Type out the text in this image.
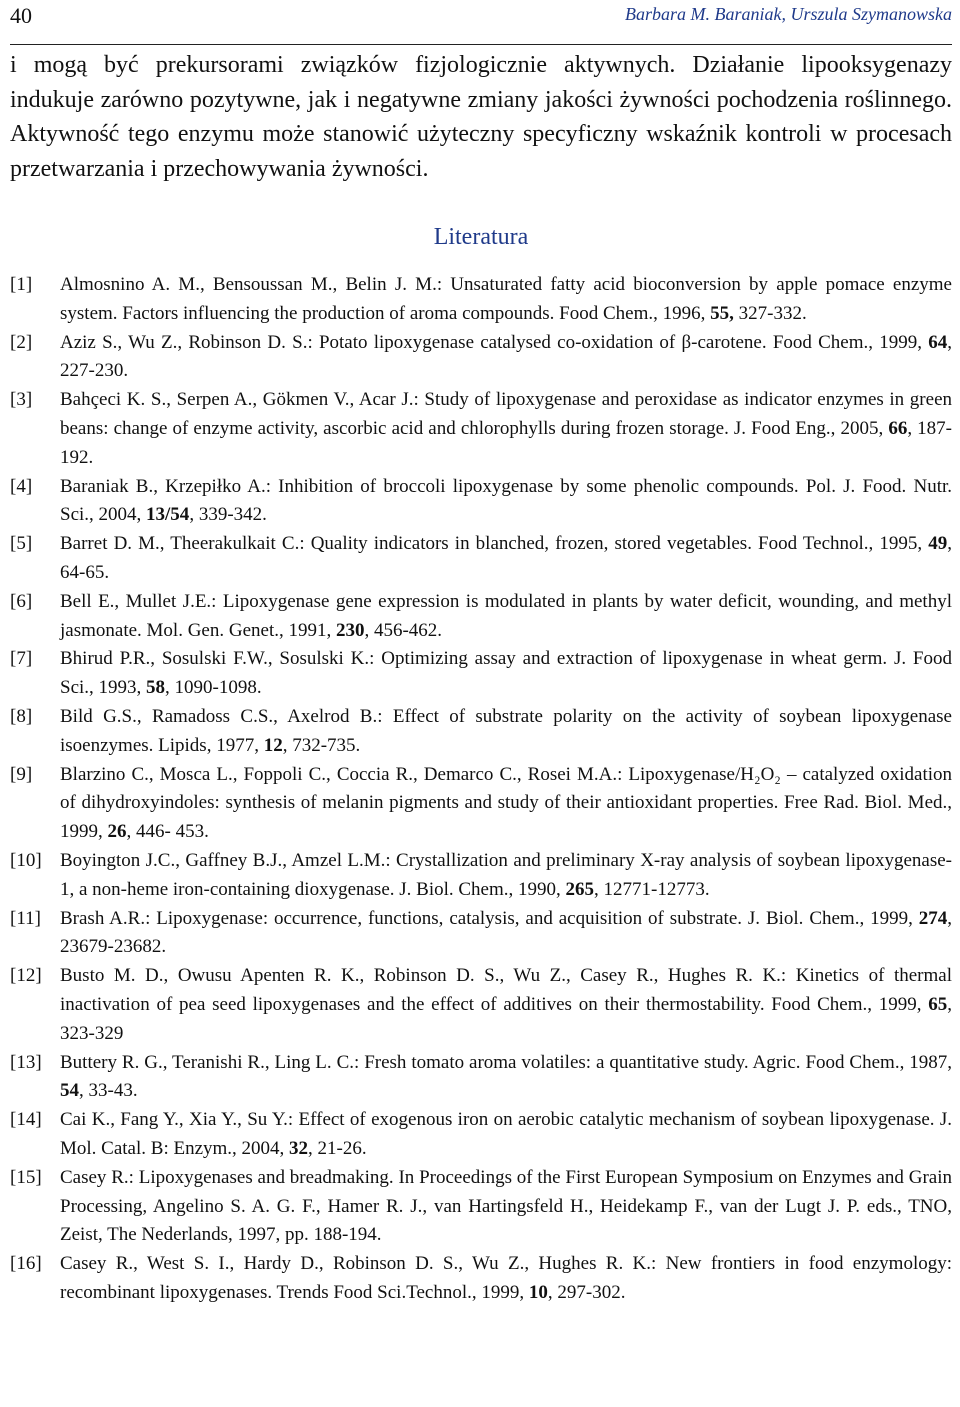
40	Barbara M. Baraniak, Urszula Szymanowska

i mogą być prekursorami związków fizjologicznie aktywnych. Działanie lipooksygenazy indukuje zarówno pozytywne, jak i negatywne zmiany jakości żywności pochodzenia roślinnego. Aktywność tego enzymu może stanowić użyteczny specyficzny wskaźnik kontroli w procesach przetwarzania i przechowywania żywności.

Literatura
[1] Almosnino A. M., Bensoussan M., Belin J. M.: Unsaturated fatty acid bioconversion by apple pomace enzyme system. Factors influencing the production of aroma compounds. Food Chem., 1996, 55, 327-332.
[2] Aziz S., Wu Z., Robinson D. S.: Potato lipoxygenase catalysed co-oxidation of β-carotene. Food Chem., 1999, 64, 227-230.
[3] Bahçeci K. S., Serpen A., Gökmen V., Acar J.: Study of lipoxygenase and peroxidase as indicator enzymes in green beans: change of enzyme activity, ascorbic acid and chlorophylls during frozen storage. J. Food Eng., 2005, 66, 187-192.
[4] Baraniak B., Krzepiłko A.: Inhibition of broccoli lipoxygenase by some phenolic compounds. Pol. J. Food. Nutr. Sci., 2004, 13/54, 339-342.
[5] Barret D. M., Theerakulkait C.: Quality indicators in blanched, frozen, stored vegetables. Food Technol., 1995, 49, 64-65.
[6] Bell E., Mullet J.E.: Lipoxygenase gene expression is modulated in plants by water deficit, wounding, and methyl jasmonate. Mol. Gen. Genet., 1991, 230, 456-462.
[7] Bhirud P.R., Sosulski F.W., Sosulski K.: Optimizing assay and extraction of lipoxygenase in wheat germ. J. Food Sci., 1993, 58, 1090-1098.
[8] Bild G.S., Ramadoss C.S., Axelrod B.: Effect of substrate polarity on the activity of soybean lipoxygenase isoenzymes. Lipids, 1977, 12, 732-735.
[9] Blarzino C., Mosca L., Foppoli C., Coccia R., Demarco C., Rosei M.A.: Lipoxygenase/H₂O₂ – catalyzed oxidation of dihydroxyindoles: synthesis of melanin pigments and study of their antioxidant properties. Free Rad. Biol. Med., 1999, 26, 446- 453.
[10] Boyington J.C., Gaffney B.J., Amzel L.M.: Crystallization and preliminary X-ray analysis of soybean lipoxygenase-1, a non-heme iron-containing dioxygenase. J. Biol. Chem., 1990, 265, 12771-12773.
[11] Brash A.R.: Lipoxygenase: occurrence, functions, catalysis, and acquisition of substrate. J. Biol. Chem., 1999, 274, 23679-23682.
[12] Busto M. D., Owusu Apenten R. K., Robinson D. S., Wu Z., Casey R., Hughes R. K.: Kinetics of thermal inactivation of pea seed lipoxygenases and the effect of additives on their thermostability. Food Chem., 1999, 65, 323-329
[13] Buttery R. G., Teranishi R., Ling L. C.: Fresh tomato aroma volatiles: a quantitative study. Agric. Food Chem., 1987, 54, 33-43.
[14] Cai K., Fang Y., Xia Y., Su Y.: Effect of exogenous iron on aerobic catalytic mechanism of soybean lipoxygenase. J. Mol. Catal. B: Enzym., 2004, 32, 21-26.
[15] Casey R.: Lipoxygenases and breadmaking. In Proceedings of the First European Symposium on Enzymes and Grain Processing, Angelino S. A. G. F., Hamer R. J., van Hartingsfeld H., Heidekamp F., van der Lugt J. P. eds., TNO, Zeist, The Nederlands, 1997, pp. 188-194.
[16] Casey R., West S. I., Hardy D., Robinson D. S., Wu Z., Hughes R. K.: New frontiers in food enzymology: recombinant lipoxygenases. Trends Food Sci.Technol., 1999, 10, 297-302.
